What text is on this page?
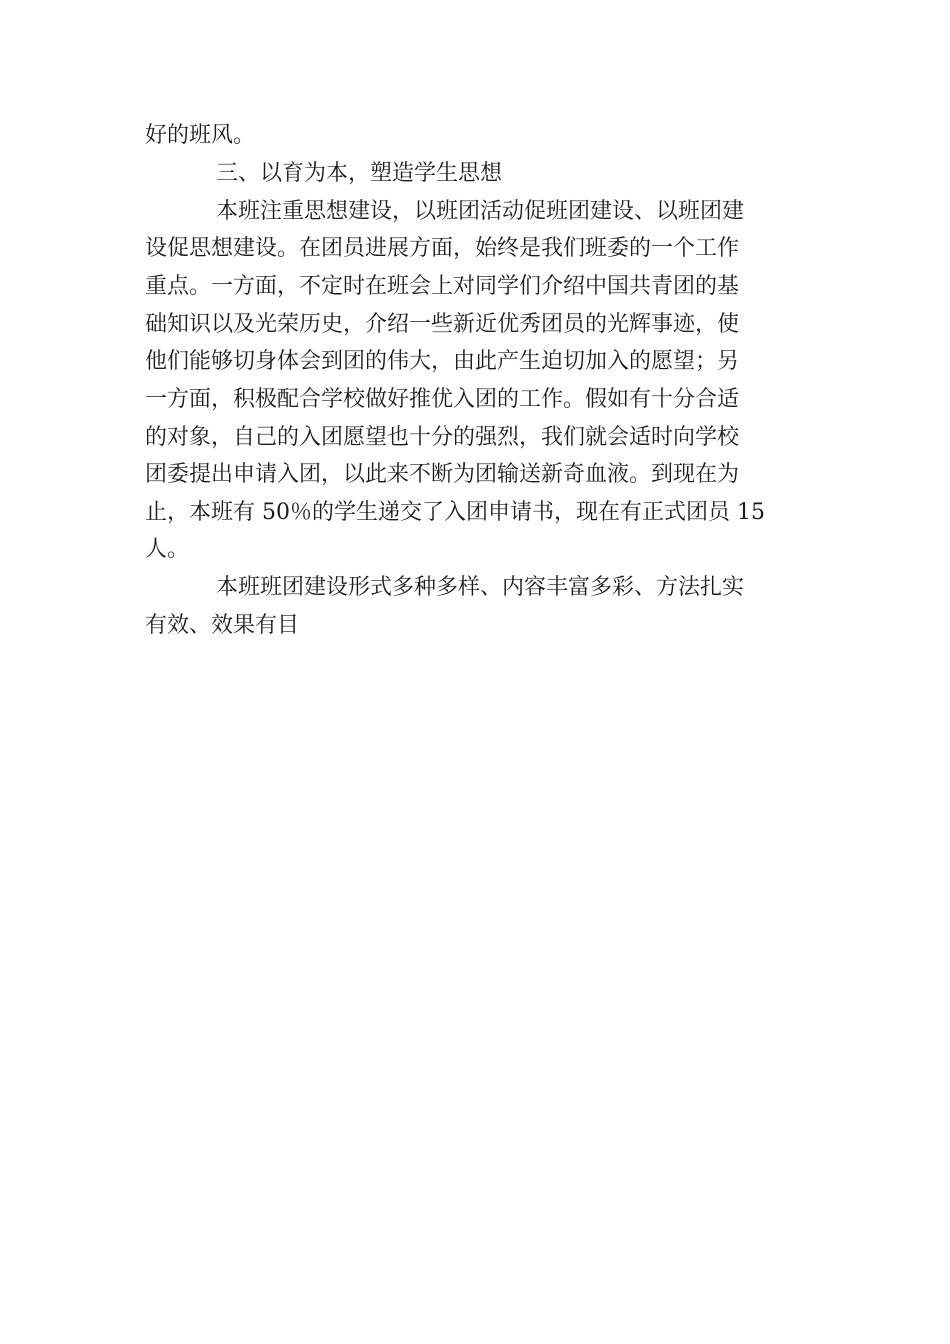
好的班风。
三、以育为本，塑造学生思想
本班注重思想建设，以班团活动促班团建设、以班团建
设促思想建设。在团员进展方面，始终是我们班委的一个工作
重点。一方面，不定时在班会上对同学们介绍中国共青团的基
础知识以及光荣历史，介绍一些新近优秀团员的光辉事迹，使
他们能够切身体会到团的伟大，由此产生迫切加入的愿望；另
一方面，积极配合学校做好推优入团的工作。假如有十分合适
的对象，自己的入团愿望也十分的强烈，我们就会适时向学校
团委提出申请入团，以此来不断为团输送新奇血液。到现在为
止，本班有 50％的学生递交了入团申请书，现在有正式团员 15
人。
本班班团建设形式多种多样、内容丰富多彩、方法扎实
有效、效果有目
